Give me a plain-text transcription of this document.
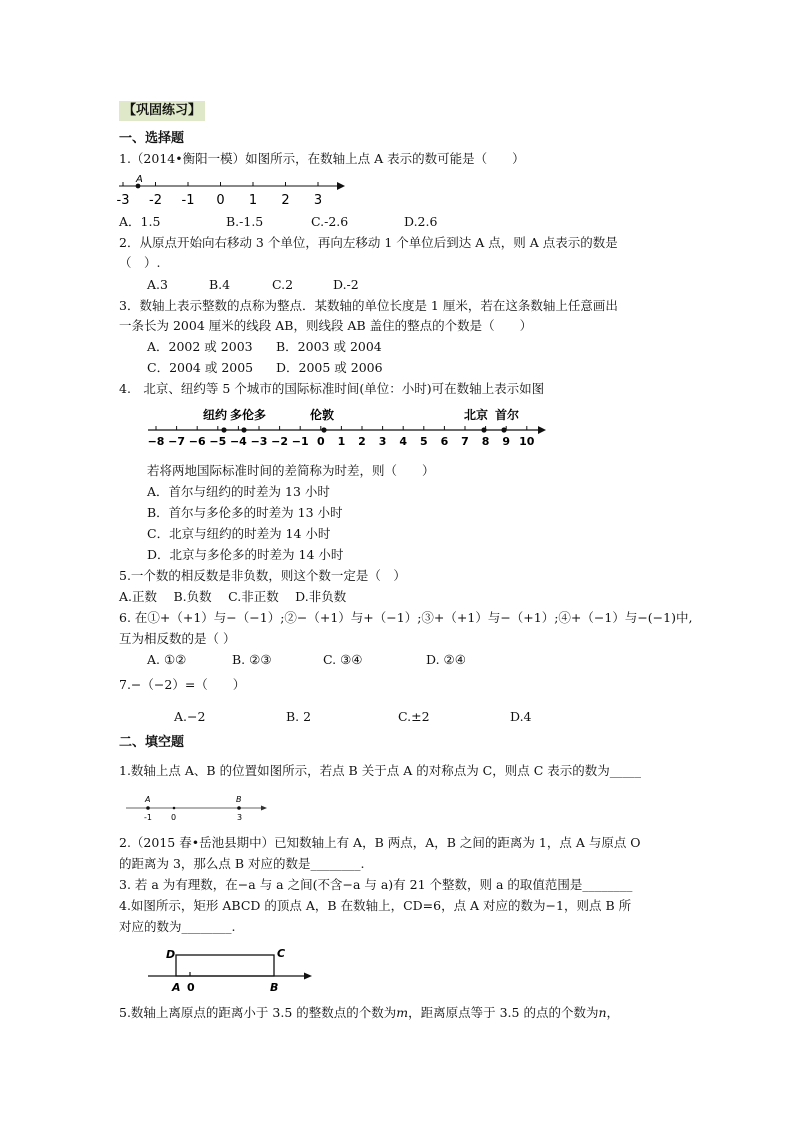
【巩固练习】
一、选择题
1.（2014•衡阳一模）如图所示，在数轴上点 A 表示的数可能是（　　）
-3 -2 -1 0 1 2 3
A
A．1.5	B.-1.5	C.-2.6	D.2.6
2．从原点开始向右移动 3 个单位，再向左移动 1 个单位后到达 A 点，则 A 点表示的数是
（　）.
A.3	B.4	C.2	D.-2
3．数轴上表示整数的点称为整点．某数轴的单位长度是 1 厘米，若在这条数轴上任意画出
一条长为 2004 厘米的线段 AB，则线段 AB 盖住的整点的个数是（　　）
A．2002 或 2003 B．2003 或 2004
C．2004 或 2005 D．2005 或 2006
4.　北京、纽约等 5 个城市的国际标准时间(单位：小时)可在数轴上表示如图
纽约 多伦多	伦敦	北京 首尔
−8 −7 −6 −5 −4 −3 −2 −1 0 1 2 3 4 5 6 7 8 9 10
若将两地国际标准时间的差简称为时差，则（　　）
A．首尔与纽约的时差为 13 小时
B．首尔与多伦多的时差为 13 小时
C．北京与纽约的时差为 14 小时
D．北京与多伦多的时差为 14 小时
5.一个数的相反数是非负数，则这个数一定是（　）
A.正数　 B.负数　 C.非正数　 D.非负数
6. 在①+（+1）与−（−1）;②−（+1）与+（−1）;③+（+1）与−（+1）;④+（−1）与−(−1)中,
互为相反数的是（ ）
A. ①②	B. ②③	C. ③④	D. ②④
7.−（−2）=（　　）
A.−2	B. 2	C.±2	D.4
二、填空题
1.数轴上点 A、B 的位置如图所示，若点 B 关于点 A 的对称点为 C，则点 C 表示的数为_____
A	B
-1 0	3
2.（2015 春•岳池县期中）已知数轴上有 A，B 两点，A，B 之间的距离为 1，点 A 与原点 O
的距离为 3，那么点 B 对应的数是________.
3. 若 a 为有理数，在−a 与 a 之间(不含−a 与 a)有 21 个整数，则 a 的取值范围是________
4.如图所示，矩形 ABCD 的顶点 A，B 在数轴上，CD=6，点 A 对应的数为−1，则点 B 所
对应的数为________.
D	C
A 0	B
5.数轴上离原点的距离小于 3.5 的整数点的个数为m，距离原点等于 3.5 的点的个数为n，
